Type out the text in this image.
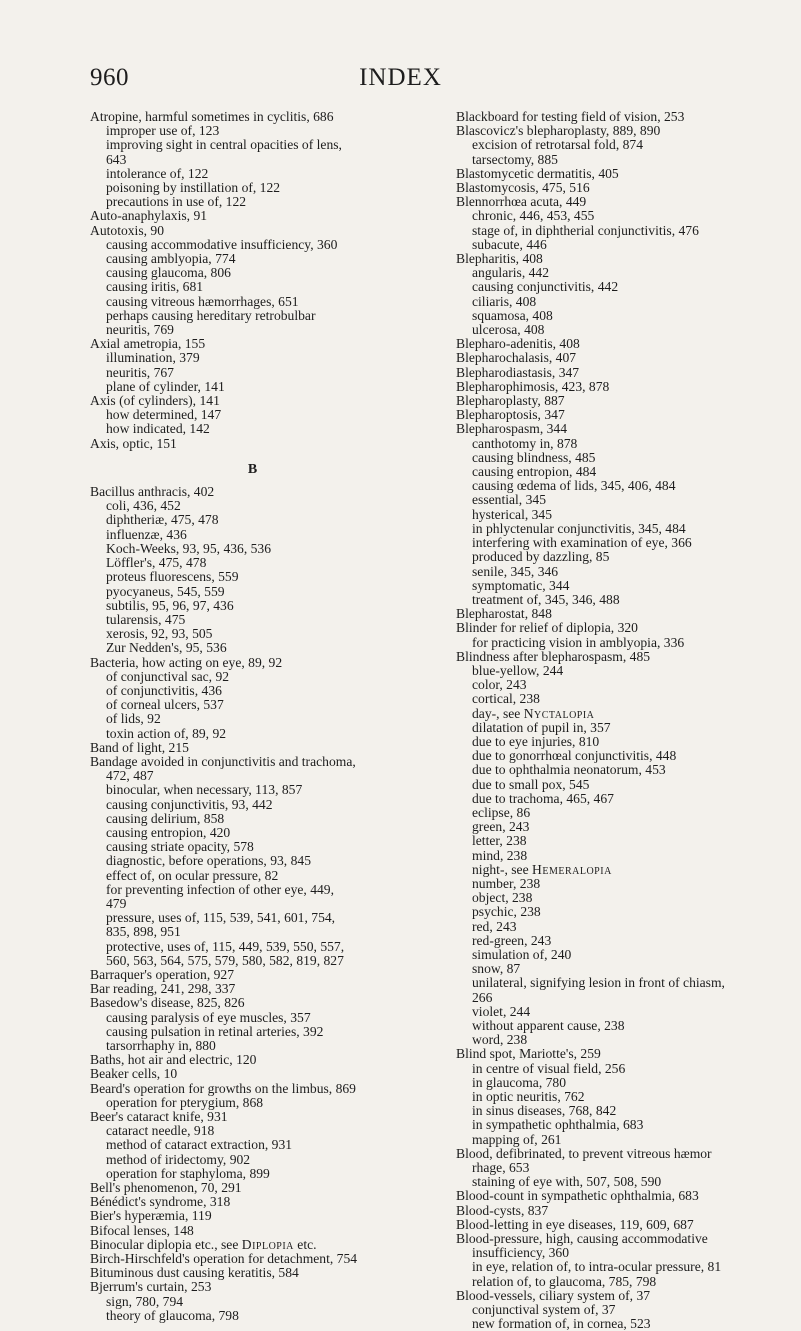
960	INDEX
Atropine, harmful sometimes in cyclitis, 686
improper use of, 123
improving sight in central opacities of lens,
643
intolerance of, 122
poisoning by instillation of, 122
precautions in use of, 122
Auto-anaphylaxis, 91
Autotoxis, 90
causing accommodative insufficiency, 360
causing amblyopia, 774
causing glaucoma, 806
causing iritis, 681
causing vitreous hæmorrhages, 651
perhaps causing hereditary retrobulbar
neuritis, 769
Axial ametropia, 155
illumination, 379
neuritis, 767
plane of cylinder, 141
Axis (of cylinders), 141
how determined, 147
how indicated, 142
Axis, optic, 151
B
Bacillus anthracis, 402
coli, 436, 452
diphtheriæ, 475, 478
influenzæ, 436
Koch-Weeks, 93, 95, 436, 536
Löffler's, 475, 478
proteus fluorescens, 559
pyocyaneus, 545, 559
subtilis, 95, 96, 97, 436
tularensis, 475
xerosis, 92, 93, 505
Zur Nedden's, 95, 536
Bacteria, how acting on eye, 89, 92
of conjunctival sac, 92
of conjunctivitis, 436
of corneal ulcers, 537
of lids, 92
toxin action of, 89, 92
Band of light, 215
Bandage avoided in conjunctivitis and trachoma,
472, 487
binocular, when necessary, 113, 857
causing conjunctivitis, 93, 442
causing delirium, 858
causing entropion, 420
causing striate opacity, 578
diagnostic, before operations, 93, 845
effect of, on ocular pressure, 82
for preventing infection of other eye, 449,
479
pressure, uses of, 115, 539, 541, 601, 754,
835, 898, 951
protective, uses of, 115, 449, 539, 550, 557,
560, 563, 564, 575, 579, 580, 582, 819, 827
Barraquer's operation, 927
Bar reading, 241, 298, 337
Basedow's disease, 825, 826
causing paralysis of eye muscles, 357
causing pulsation in retinal arteries, 392
tarsorrhaphy in, 880
Baths, hot air and electric, 120
Beaker cells, 10
Beard's operation for growths on the limbus, 869
operation for pterygium, 868
Beer's cataract knife, 931
cataract needle, 918
method of cataract extraction, 931
method of iridectomy, 902
operation for staphyloma, 899
Bell's phenomenon, 70, 291
Bénédict's syndrome, 318
Bier's hyperæmia, 119
Bifocal lenses, 148
Binocular diplopia etc., see Diplopia etc.
Birch-Hirschfeld's operation for detachment, 754
Bituminous dust causing keratitis, 584
Bjerrum's curtain, 253
sign, 780, 794
theory of glaucoma, 798
Blackboard for testing field of vision, 253
Blascovicz's blepharoplasty, 889, 890
excision of retrotarsal fold, 874
tarsectomy, 885
Blastomycetic dermatitis, 405
Blastomycosis, 475, 516
Blennorrhœa acuta, 449
chronic, 446, 453, 455
stage of, in diphtherial conjunctivitis, 476
subacute, 446
Blepharitis, 408
angularis, 442
causing conjunctivitis, 442
ciliaris, 408
squamosa, 408
ulcerosa, 408
Blepharo-adenitis, 408
Blepharochalasis, 407
Blepharodiastasis, 347
Blepharophimosis, 423, 878
Blepharoplasty, 887
Blepharoptosis, 347
Blepharospasm, 344
canthotomy in, 878
causing blindness, 485
causing entropion, 484
causing œdema of lids, 345, 406, 484
essential, 345
hysterical, 345
in phlyctenular conjunctivitis, 345, 484
interfering with examination of eye, 366
produced by dazzling, 85
senile, 345, 346
symptomatic, 344
treatment of, 345, 346, 488
Blepharostat, 848
Blinder for relief of diplopia, 320
for practicing vision in amblyopia, 336
Blindness after blepharospasm, 485
blue-yellow, 244
color, 243
cortical, 238
day-, see Nyctalopia
dilatation of pupil in, 357
due to eye injuries, 810
due to gonorrhœal conjunctivitis, 448
due to ophthalmia neonatorum, 453
due to small pox, 545
due to trachoma, 465, 467
eclipse, 86
green, 243
letter, 238
mind, 238
night-, see Hemeralopia
number, 238
object, 238
psychic, 238
red, 243
red-green, 243
simulation of, 240
snow, 87
unilateral, signifying lesion in front of chiasm,
266
violet, 244
without apparent cause, 238
word, 238
Blind spot, Mariotte's, 259
in centre of visual field, 256
in glaucoma, 780
in optic neuritis, 762
in sinus diseases, 768, 842
in sympathetic ophthalmia, 683
mapping of, 261
Blood, defibrinated, to prevent vitreous hæmor
rhage, 653
staining of eye with, 507, 508, 590
Blood-count in sympathetic ophthalmia, 683
Blood-cysts, 837
Blood-letting in eye diseases, 119, 609, 687
Blood-pressure, high, causing accommodative
insufficiency, 360
in eye, relation of, to intra-ocular pressure, 81
relation of, to glaucoma, 785, 798
Blood-vessels, ciliary system of, 37
conjunctival system of, 37
new formation of, in cornea, 523
